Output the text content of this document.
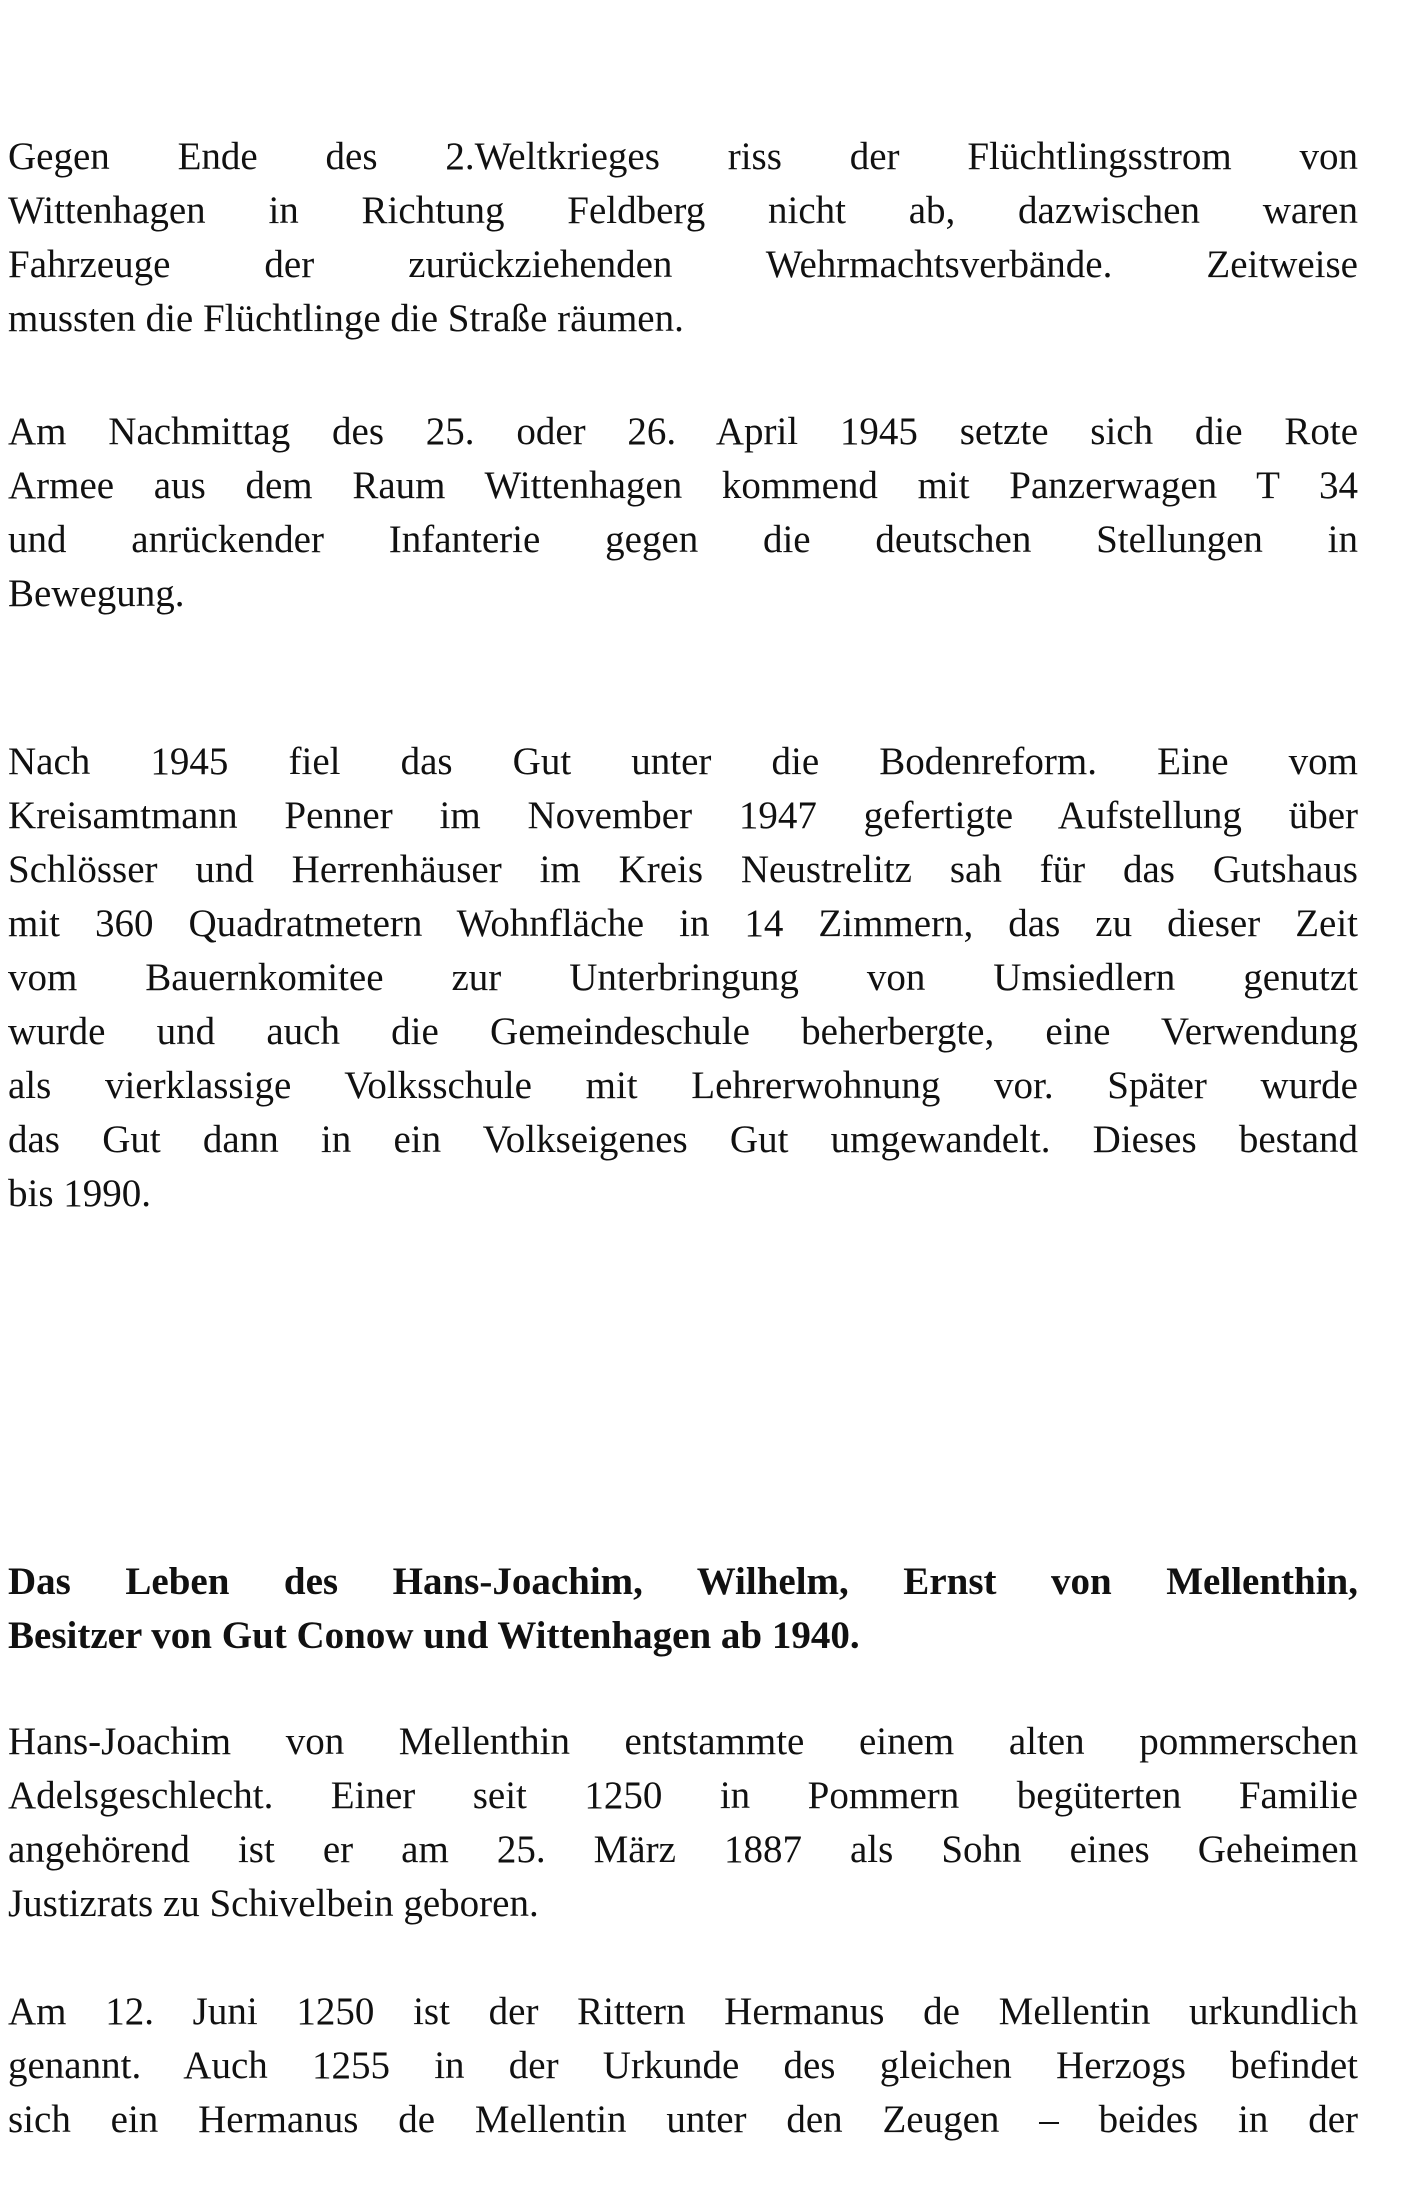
Gegen Ende des 2.Weltkrieges riss der Flüchtlingsstrom von
Wittenhagen in Richtung Feldberg nicht ab, dazwischen waren
Fahrzeuge der zurückziehenden Wehrmachtsverbände. Zeitweise
mussten die Flüchtlinge die Straße räumen.
Am Nachmittag des 25. oder 26. April 1945 setzte sich die Rote
Armee aus dem Raum Wittenhagen kommend mit Panzerwagen T 34
und anrückender Infanterie gegen die deutschen Stellungen in
Bewegung.
Nach 1945 fiel das Gut unter die Bodenreform. Eine vom
Kreisamtmann Penner im November 1947 gefertigte Aufstellung über
Schlösser und Herrenhäuser im Kreis Neustrelitz sah für das Gutshaus
mit 360 Quadratmetern Wohnfläche in 14 Zimmern, das zu dieser Zeit
vom Bauernkomitee zur Unterbringung von Umsiedlern genutzt
wurde und auch die Gemeindeschule beherbergte, eine Verwendung
als vierklassige Volksschule mit Lehrerwohnung vor. Später wurde
das Gut dann in ein Volkseigenes Gut umgewandelt. Dieses bestand
bis 1990.
Das Leben des Hans-Joachim, Wilhelm, Ernst von Mellenthin,
Besitzer von Gut Conow und Wittenhagen ab 1940.
Hans-Joachim von Mellenthin entstammte einem alten pommerschen
Adelsgeschlecht. Einer seit 1250 in Pommern begüterten Familie
angehörend ist er am 25. März 1887 als Sohn eines Geheimen
Justizrats zu Schivelbein geboren.
Am 12. Juni 1250 ist der Rittern Hermanus de Mellentin urkundlich
genannt. Auch 1255 in der Urkunde des gleichen Herzogs befindet
sich ein Hermanus de Mellentin unter den Zeugen – beides in der
